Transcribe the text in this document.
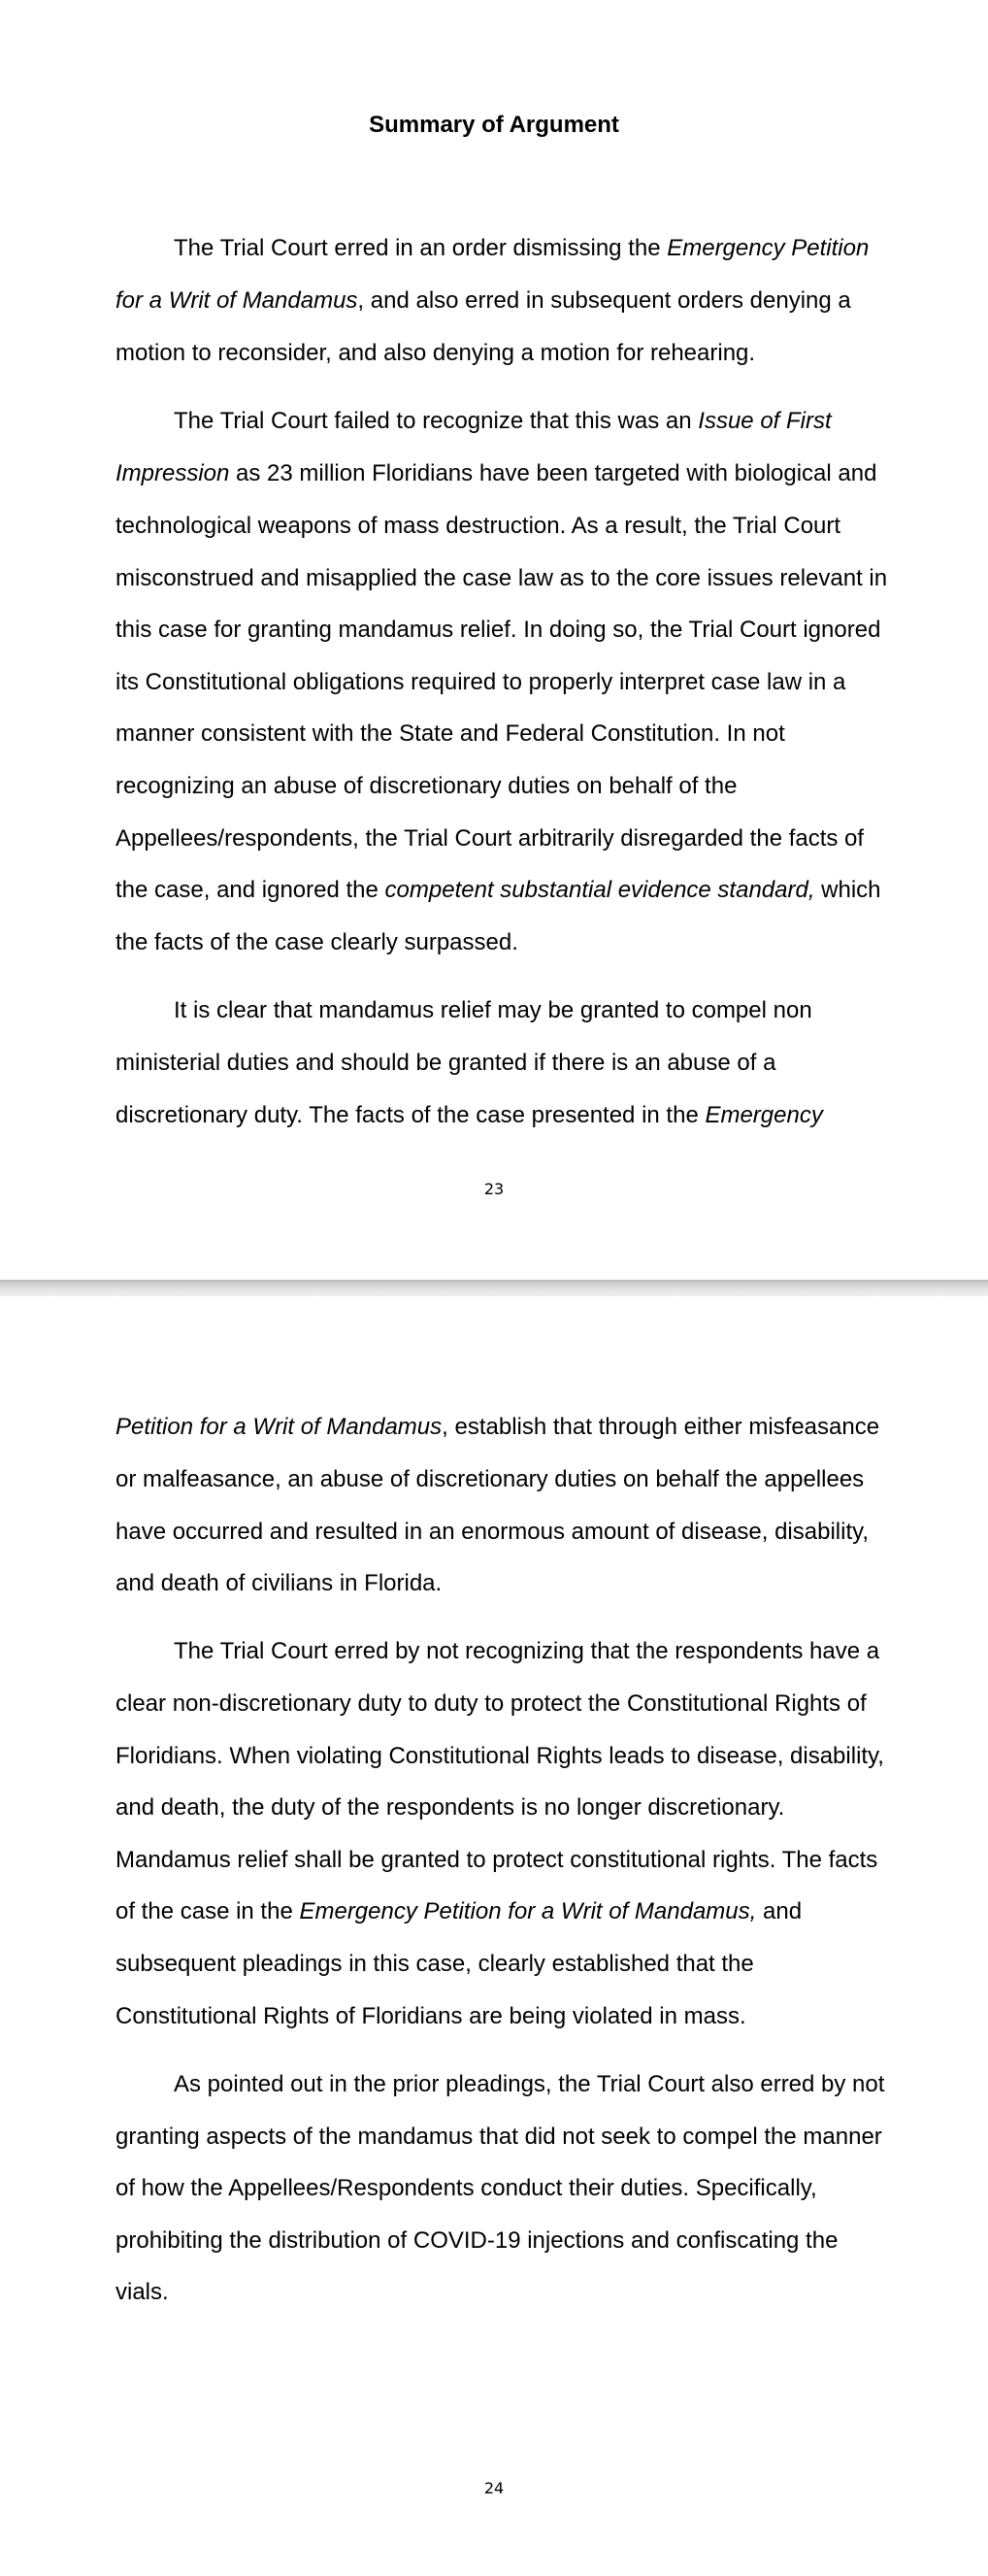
Summary of Argument
The Trial Court erred in an order dismissing the Emergency Petition
for a Writ of Mandamus, and also erred in subsequent orders denying a
motion to reconsider, and also denying a motion for rehearing.
The Trial Court failed to recognize that this was an Issue of First
Impression as 23 million Floridians have been targeted with biological and
technological weapons of mass destruction. As a result, the Trial Court
misconstrued and misapplied the case law as to the core issues relevant in
this case for granting mandamus relief. In doing so, the Trial Court ignored
its Constitutional obligations required to properly interpret case law in a
manner consistent with the State and Federal Constitution. In not
recognizing an abuse of discretionary duties on behalf of the
Appellees/respondents, the Trial Court arbitrarily disregarded the facts of
the case, and ignored the competent substantial evidence standard, which
the facts of the case clearly surpassed.
It is clear that mandamus relief may be granted to compel non
ministerial duties and should be granted if there is an abuse of a
discretionary duty. The facts of the case presented in the Emergency
23
Petition for a Writ of Mandamus, establish that through either misfeasance
or malfeasance, an abuse of discretionary duties on behalf the appellees
have occurred and resulted in an enormous amount of disease, disability,
and death of civilians in Florida.
The Trial Court erred by not recognizing that the respondents have a
clear non-discretionary duty to duty to protect the Constitutional Rights of
Floridians. When violating Constitutional Rights leads to disease, disability,
and death, the duty of the respondents is no longer discretionary.
Mandamus relief shall be granted to protect constitutional rights. The facts
of the case in the Emergency Petition for a Writ of Mandamus, and
subsequent pleadings in this case, clearly established that the
Constitutional Rights of Floridians are being violated in mass.
As pointed out in the prior pleadings, the Trial Court also erred by not
granting aspects of the mandamus that did not seek to compel the manner
of how the Appellees/Respondents conduct their duties. Specifically,
prohibiting the distribution of COVID-19 injections and confiscating the
vials.
24
